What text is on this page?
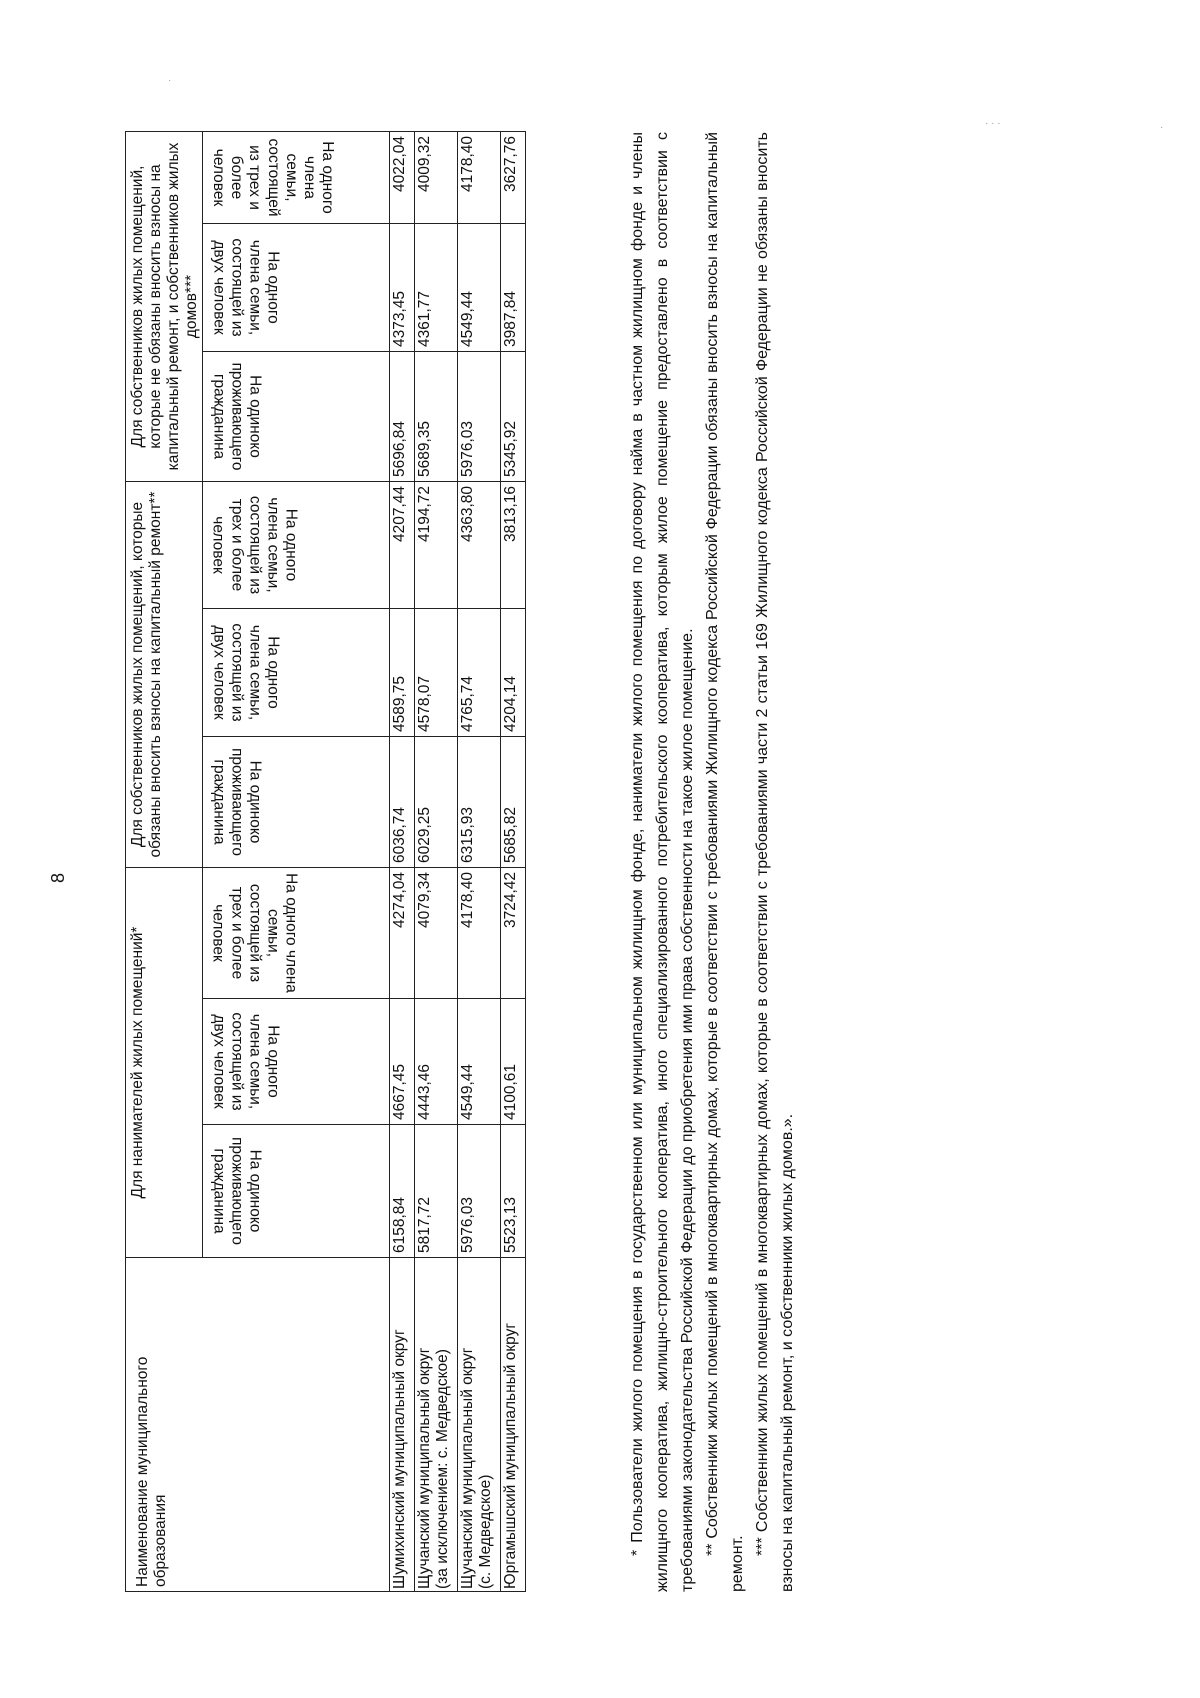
8
· · ·	·
·
Наименование муниципального образования	Для нанимателей жилых помещений*			Для собственников жилых помещений, которые обязаны вносить взносы на капитальный ремонт**			Для собственников жилых помещений, которые не обязаны вносить взносы на капитальный ремонт, и собственников жилых домов***		

	На одиноко проживающего гражданина	На одного члена семьи, состоящей из двух человек	На одного члена семьи, состоящей из трех и более человек	На одиноко проживающего гражданина	На одного члена семьи, состоящей из двух человек	На одного члена семьи, состоящей из трех и более человек	На одиноко проживающего гражданина	На одного члена семьи, состоящей из двух человек	На одного члена семьи, состоящей из трех и более человек

Шумихинский муниципальный округ	6158,84	4667,45	4274,04	6036,74	4589,75	4207,44	5696,84	4373,45	4022,04
Щучанский муниципальный округ
(за исключением: с. Медведское)	5817,72	4443,46	4079,34	6029,25	4578,07	4194,72	5689,35	4361,77	4009,32
Щучанский муниципальный округ
(с. Медведское)	5976,03	4549,44	4178,40	6315,93	4765,74	4363,80	5976,03	4549,44	4178,40
Юргамышский муниципальный округ	5523,13	4100,61	3724,42	5685,82	4204,14	3813,16	5345,92	3987,84	3627,76	* Пользователи жилого помещения в государственном или муниципальном жилищном фонде, наниматели жилого помещения по договору найма в частном жилищном фонде и члены жилищного кооператива, жилищно-строительного кооператива, иного специализированного потребительского кооператива, которым жилое помещение предоставлено в соответствии с требованиями законодательства Российской Федерации до приобретения ими права собственности на такое жилое помещение. ** Собственники жилых помещений в многоквартирных домах, которые в соответствии с требованиями Жилищного кодекса Российской Федерации обязаны вносить взносы на капитальный ремонт.

*** Собственники жилых помещений в многоквартирных домах, которые в соответствии с требованиями части 2 статьи 169 Жилищного кодекса Российской Федерации не обязаны вносить взносы на капитальный ремонт, и собственники жилых домов.».
